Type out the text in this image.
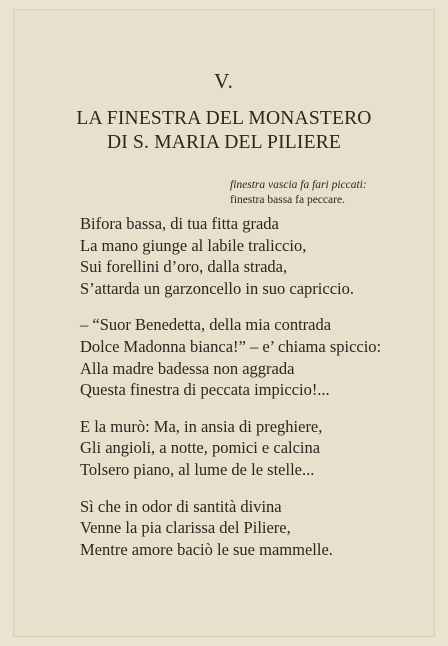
V.
LA FINESTRA DEL MONASTERO
DI S. MARIA DEL PILIERE
finestra vascia fa fari piccati:
finestra bassa fa peccare.
Bifora bassa, di tua fitta grada
La mano giunge al labile traliccio,
Sui forellini d’oro, dalla strada,
S’attarda un garzoncello in suo capriccio.
– “Suor Benedetta, della mia contrada
Dolce Madonna bianca!” – e’ chiama spiccio:
Alla madre badessa non aggrada
Questa finestra di peccata impiccio!...
E la murò: Ma, in ansia di preghiere,
Gli angioli, a notte, pomici e calcina
Tolsero piano, al lume de le stelle...
Sì che in odor di santità divina
Venne la pia clarissa del Piliere,
Mentre amore baciò le sue mammelle.
